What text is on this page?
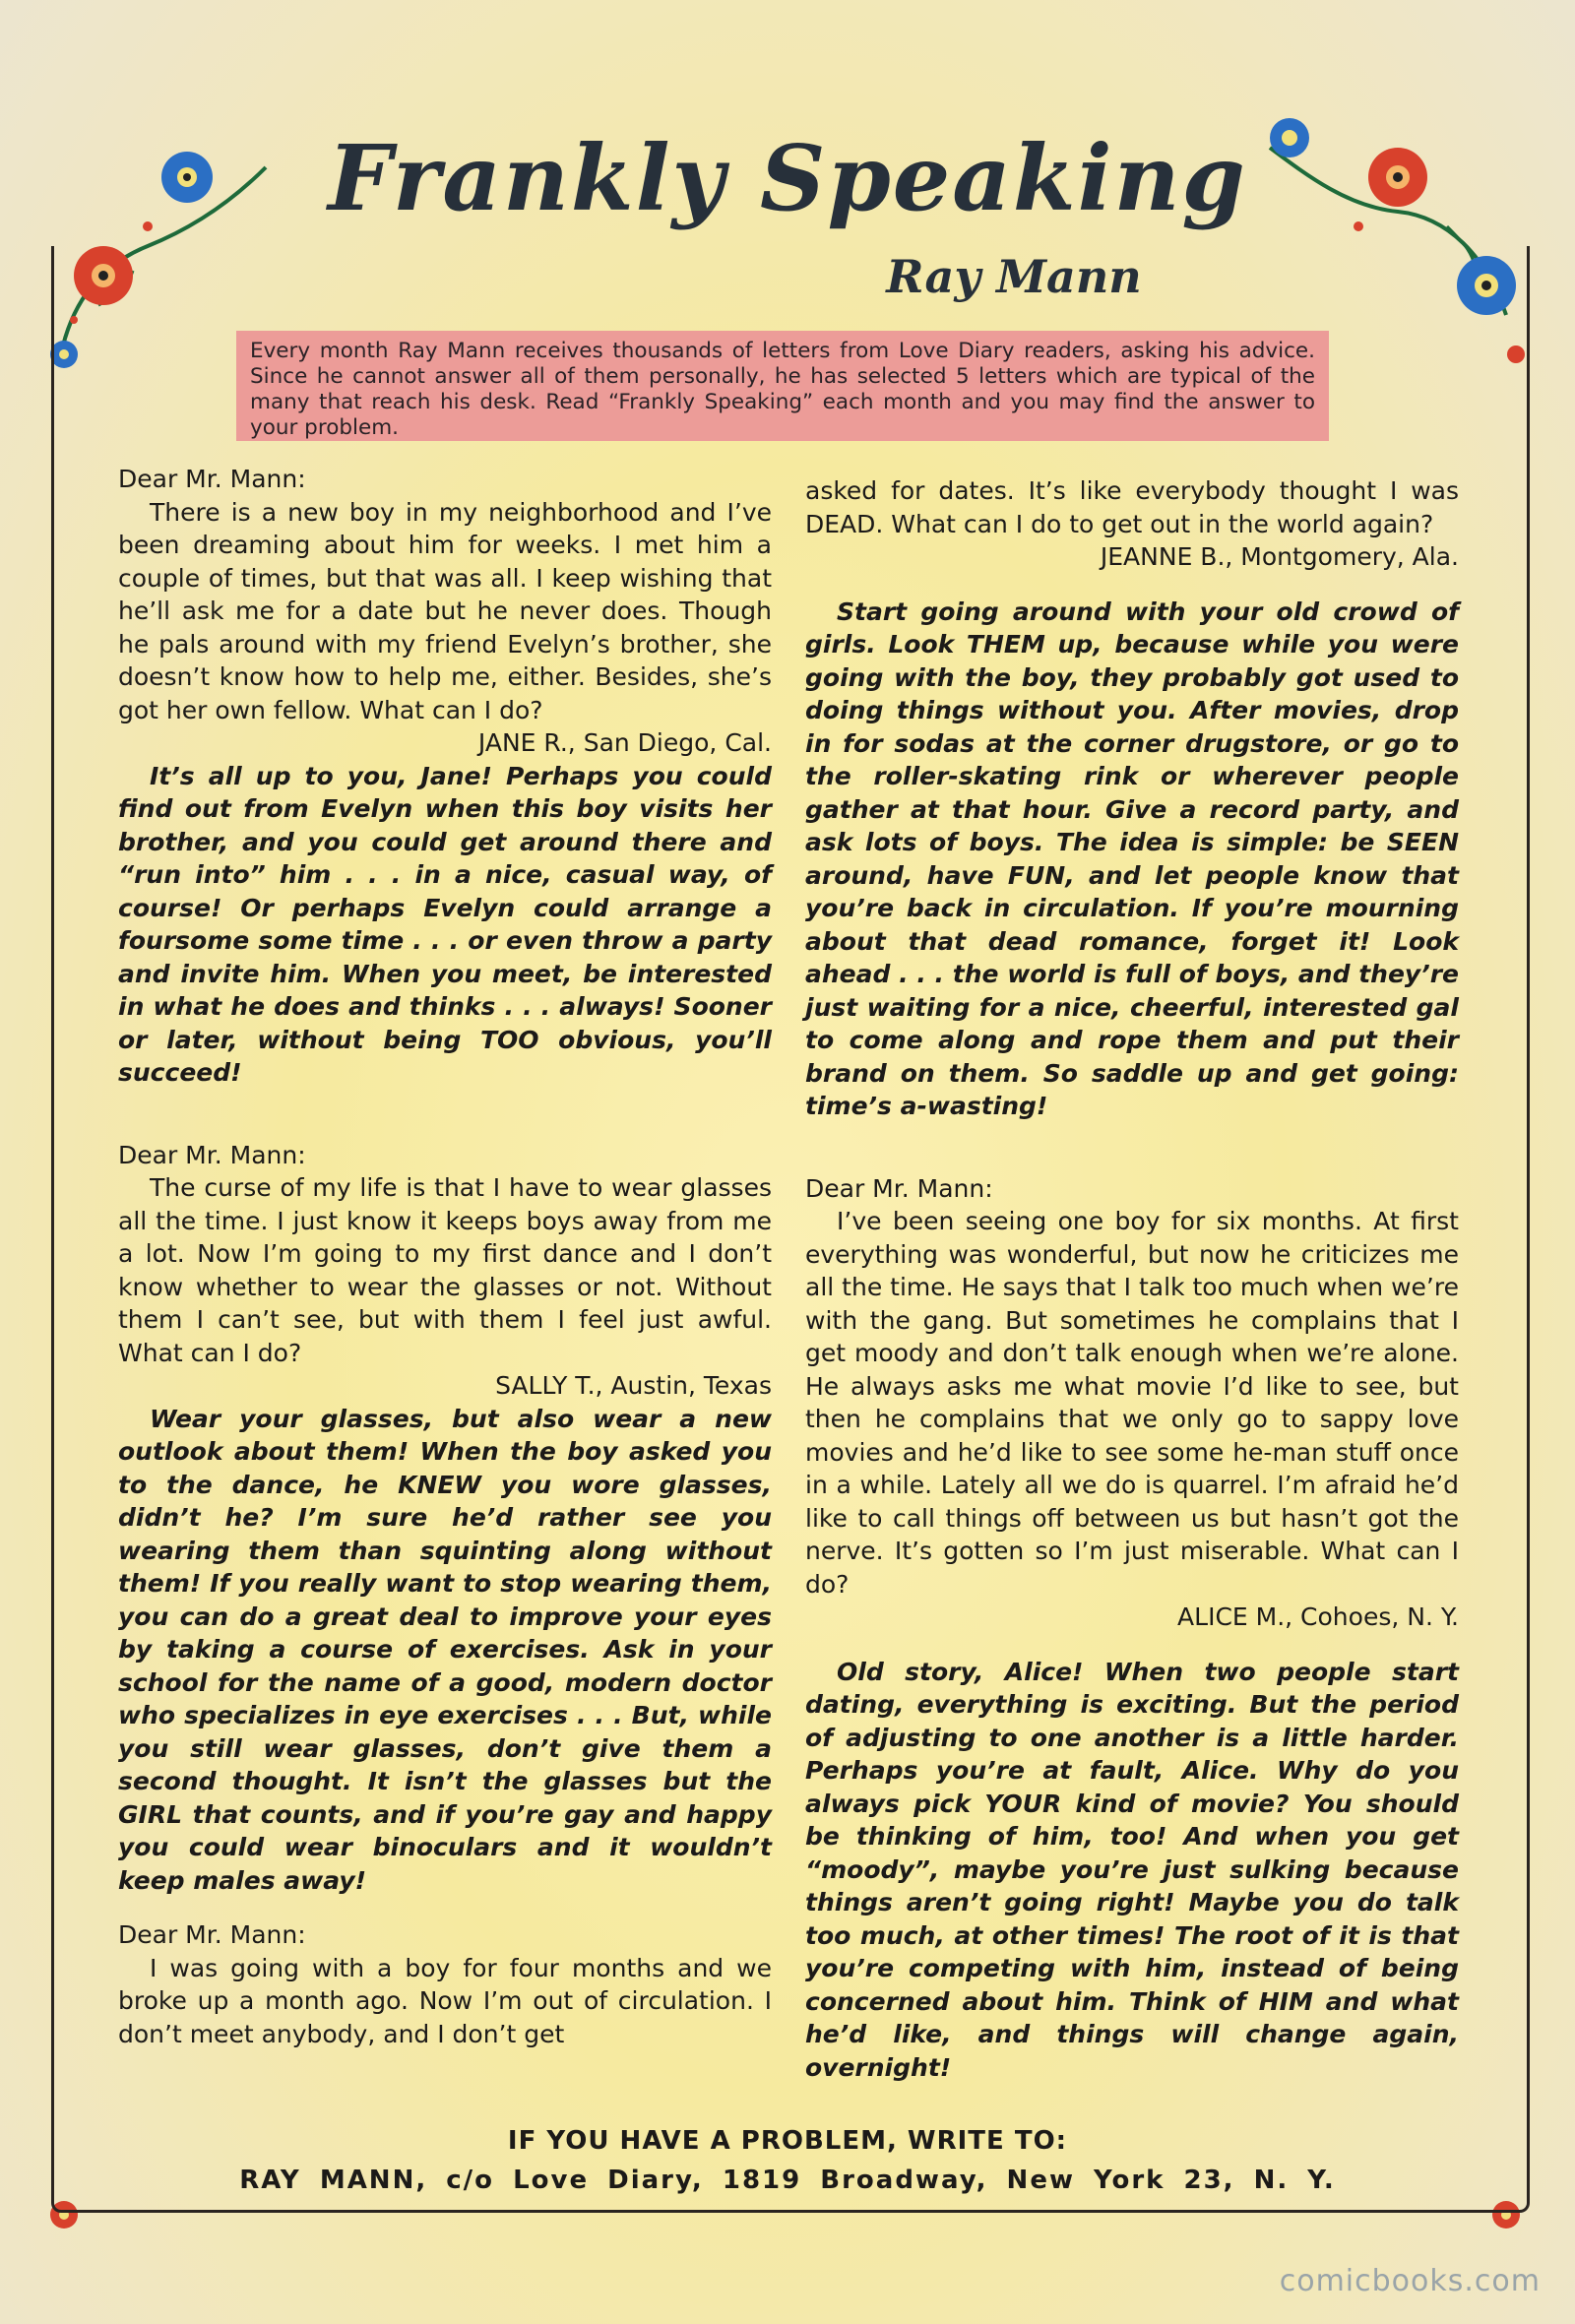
Frankly Speaking
Ray Mann
Every month Ray Mann receives thousands of letters from Love Diary readers, asking his advice. Since he cannot answer all of them personally, he has selected 5 letters which are typical of the many that reach his desk. Read “Frankly Speaking” each month and you may find the answer to your problem.

Dear Mr. Mann:

There is a new boy in my neighborhood and I’ve been dreaming about him for weeks. I met him a couple of times, but that was all. I keep wishing that he’ll ask me for a date but he never does. Though he pals around with my friend Evelyn’s brother, she doesn’t know how to help me, either. Besides, she’s got her own fellow. What can I do?

JANE R., San Diego, Cal.

It’s all up to you, Jane! Perhaps you could find out from Evelyn when this boy visits her brother, and you could get around there and “run into” him . . . in a nice, casual way, of course! Or perhaps Evelyn could arrange a foursome some time . . . or even throw a party and invite him. When you meet, be interested in what he does and thinks . . . always! Sooner or later, without being TOO obvious, you’ll succeed!

Dear Mr. Mann:

The curse of my life is that I have to wear glasses all the time. I just know it keeps boys away from me a lot. Now I’m going to my first dance and I don’t know whether to wear the glasses or not. Without them I can’t see, but with them I feel just awful. What can I do?

SALLY T., Austin, Texas

Wear your glasses, but also wear a new outlook about them! When the boy asked you to the dance, he KNEW you wore glasses, didn’t he? I’m sure he’d rather see you wearing them than squinting along without them! If you really want to stop wearing them, you can do a great deal to improve your eyes by taking a course of exercises. Ask in your school for the name of a good, modern doctor who specializes in eye exercises . . . But, while you still wear glasses, don’t give them a second thought. It isn’t the glasses but the GIRL that counts, and if you’re gay and happy you could wear binoculars and it wouldn’t keep males away!

Dear Mr. Mann:

I was going with a boy for four months and we broke up a month ago. Now I’m out of circulation. I don’t meet anybody, and I don’t get

asked for dates. It’s like everybody thought I was DEAD. What can I do to get out in the world again?

JEANNE B., Montgomery, Ala.

Start going around with your old crowd of girls. Look THEM up, because while you were going with the boy, they probably got used to doing things without you. After movies, drop in for sodas at the corner drugstore, or go to the roller-skating rink or wherever people gather at that hour. Give a record party, and ask lots of boys. The idea is simple: be SEEN around, have FUN, and let people know that you’re back in circulation. If you’re mourning about that dead romance, forget it! Look ahead . . . the world is full of boys, and they’re just waiting for a nice, cheerful, interested gal to come along and rope them and put their brand on them. So saddle up and get going: time’s a-wasting!

Dear Mr. Mann:

I’ve been seeing one boy for six months. At first everything was wonderful, but now he criticizes me all the time. He says that I talk too much when we’re with the gang. But sometimes he complains that I get moody and don’t talk enough when we’re alone. He always asks me what movie I’d like to see, but then he complains that we only go to sappy love movies and he’d like to see some he-man stuff once in a while. Lately all we do is quarrel. I’m afraid he’d like to call things off between us but hasn’t got the nerve. It’s gotten so I’m just miserable. What can I do?

ALICE M., Cohoes, N. Y.

Old story, Alice! When two people start dating, everything is exciting. But the period of adjusting to one another is a little harder. Perhaps you’re at fault, Alice. Why do you always pick YOUR kind of movie? You should be thinking of him, too! And when you get “moody”, maybe you’re just sulking because things aren’t going right! Maybe you do talk too much, at other times! The root of it is that you’re competing with him, instead of being concerned about him. Think of HIM and what he’d like, and things will change again, overnight!

IF YOU HAVE A PROBLEM, WRITE TO:
RAY MANN, c/o Love Diary, 1819 Broadway, New York 23, N. Y.
comicbooks.com
